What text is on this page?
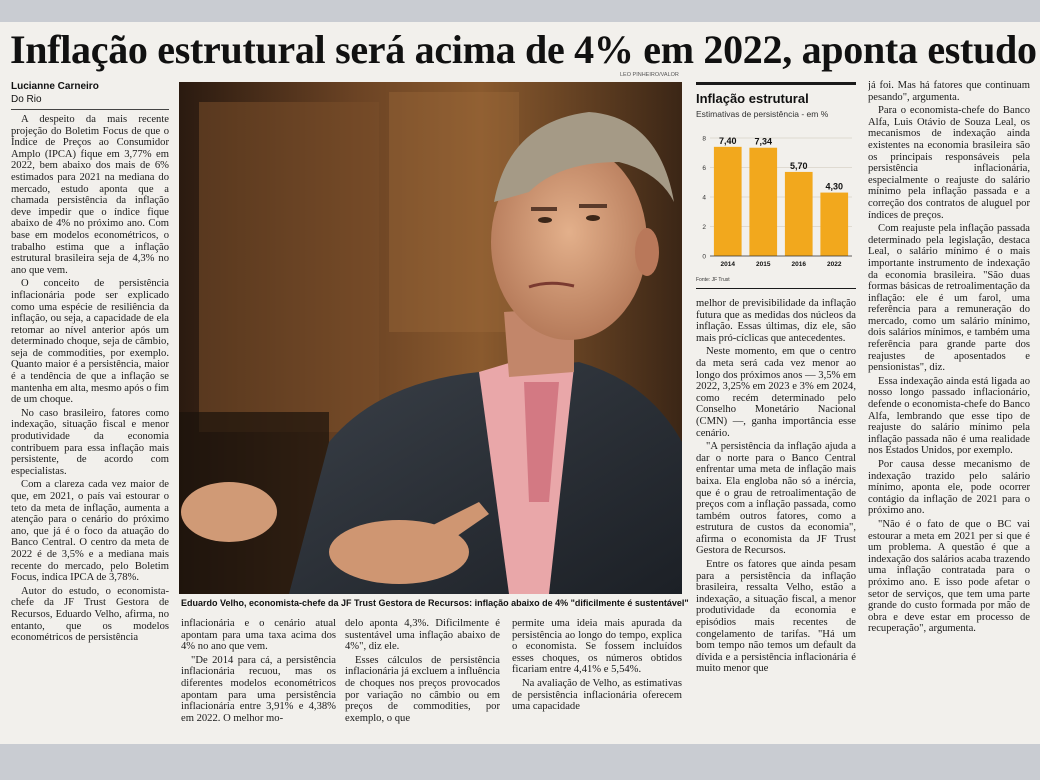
Inflação estrutural será acima de 4% em 2022, aponta estudo
Lucianne Carneiro
Do Rio

A despeito da mais recente projeção do Boletim Focus de que o Índice de Preços ao Consumidor Amplo (IPCA) fique em 3,77% em 2022, bem abaixo dos mais de 6% estimados para 2021 na mediana do mercado, estudo aponta que a chamada persistência da inflação deve impedir que o índice fique abaixo de 4% no próximo ano. Com base em modelos econométricos, o trabalho estima que a inflação estrutural brasileira seja de 4,3% no ano que vem.

O conceito de persistência inflacionária pode ser explicado como uma espécie de resiliência da inflação, ou seja, a capacidade de ela retomar ao nível anterior após um determinado choque, seja de câmbio, seja de commodities, por exemplo. Quanto maior é a persistência, maior é a tendência de que a inflação se mantenha em alta, mesmo após o fim de um choque.

No caso brasileiro, fatores como indexação, situação fiscal e menor produtividade da economia contribuem para essa inflação mais persistente, de acordo com especialistas.

Com a clareza cada vez maior de que, em 2021, o país vai estourar o teto da meta de inflação, aumenta a atenção para o cenário do próximo ano, que já é o foco da atuação do Banco Central. O centro da meta de 2022 é de 3,5% e a mediana mais recente do mercado, pelo Boletim Focus, indica IPCA de 3,78%.

Autor do estudo, o economista-chefe da JF Trust Gestora de Recursos, Eduardo Velho, afirma, no entanto, que os modelos econométricos de persistência

LEO PINHEIRO/VALOR
Eduardo Velho, economista-chefe da JF Trust Gestora de Recursos: inflação abaixo de 4% "dificilmente é sustentável"

inflacionária e o cenário atual apontam para uma taxa acima dos 4% no ano que vem.

"De 2014 para cá, a persistência inflacionária recuou, mas os diferentes modelos econométricos apontam para uma persistência inflacionária entre 3,91% e 4,38% em 2022. O melhor mo-

delo aponta 4,3%. Dificilmente é sustentável uma inflação abaixo de 4%", diz ele.

Esses cálculos de persistência inflacionária já excluem a influência de choques nos preços provocados por variação no câmbio ou em preços de commodities, por exemplo, o que

permite uma ideia mais apurada da persistência ao longo do tempo, explica o economista. Se fossem incluídos esses choques, os números obtidos ficariam entre 4,41% e 5,54%.

Na avaliação de Velho, as estimativas de persistência inflacionária oferecem uma capacidade

Inflação estrutural
Estimativas de persistência - em %
0
2
4
6
8 7,40
2014
7,34
2015
5,70
2016
4,30
2022
Fonte: JF Trust

melhor de previsibilidade da inflação futura que as medidas dos núcleos da inflação. Essas últimas, diz ele, são mais pró-cíclicas que antecedentes.

Neste momento, em que o centro da meta será cada vez menor ao longo dos próximos anos — 3,5% em 2022, 3,25% em 2023 e 3% em 2024, como recém determinado pelo Conselho Monetário Nacional (CMN) —, ganha importância esse cenário.

"A persistência da inflação ajuda a dar o norte para o Banco Central enfrentar uma meta de inflação mais baixa. Ela engloba não só a inércia, que é o grau de retroalimentação de preços com a inflação passada, como também outros fatores, como a estrutura de custos da economia", afirma o economista da JF Trust Gestora de Recursos.

Entre os fatores que ainda pesam para a persistência da inflação brasileira, ressalta Velho, estão a indexação, a situação fiscal, a menor produtividade da economia e episódios mais recentes de congelamento de tarifas. "Há um bom tempo não temos um default da dívida e a persistência inflacionária é muito menor que

já foi. Mas há fatores que continuam pesando", argumenta.

Para o economista-chefe do Banco Alfa, Luis Otávio de Souza Leal, os mecanismos de indexação ainda existentes na economia brasileira são os principais responsáveis pela persistência inflacionária, especialmente o reajuste do salário mínimo pela inflação passada e a correção dos contratos de aluguel por índices de preços.

Com reajuste pela inflação passada determinado pela legislação, destaca Leal, o salário mínimo é o mais importante instrumento de indexação da economia brasileira. "São duas formas básicas de retroalimentação da inflação: ele é um farol, uma referência para a remuneração do mercado, como um salário mínimo, dois salários mínimos, e também uma referência para grande parte dos reajustes de aposentados e pensionistas", diz.

Essa indexação ainda está ligada ao nosso longo passado inflacionário, defende o economista-chefe do Banco Alfa, lembrando que esse tipo de reajuste do salário mínimo pela inflação passada não é uma realidade nos Estados Unidos, por exemplo.

Por causa desse mecanismo de indexação trazido pelo salário mínimo, aponta ele, pode ocorrer contágio da inflação de 2021 para o próximo ano.

"Não é o fato de que o BC vai estourar a meta em 2021 per si que é um problema. A questão é que a indexação dos salários acaba trazendo uma inflação contratada para o próximo ano. E isso pode afetar o setor de serviços, que tem uma parte grande do custo formada por mão de obra e deve estar em processo de recuperação", argumenta.
